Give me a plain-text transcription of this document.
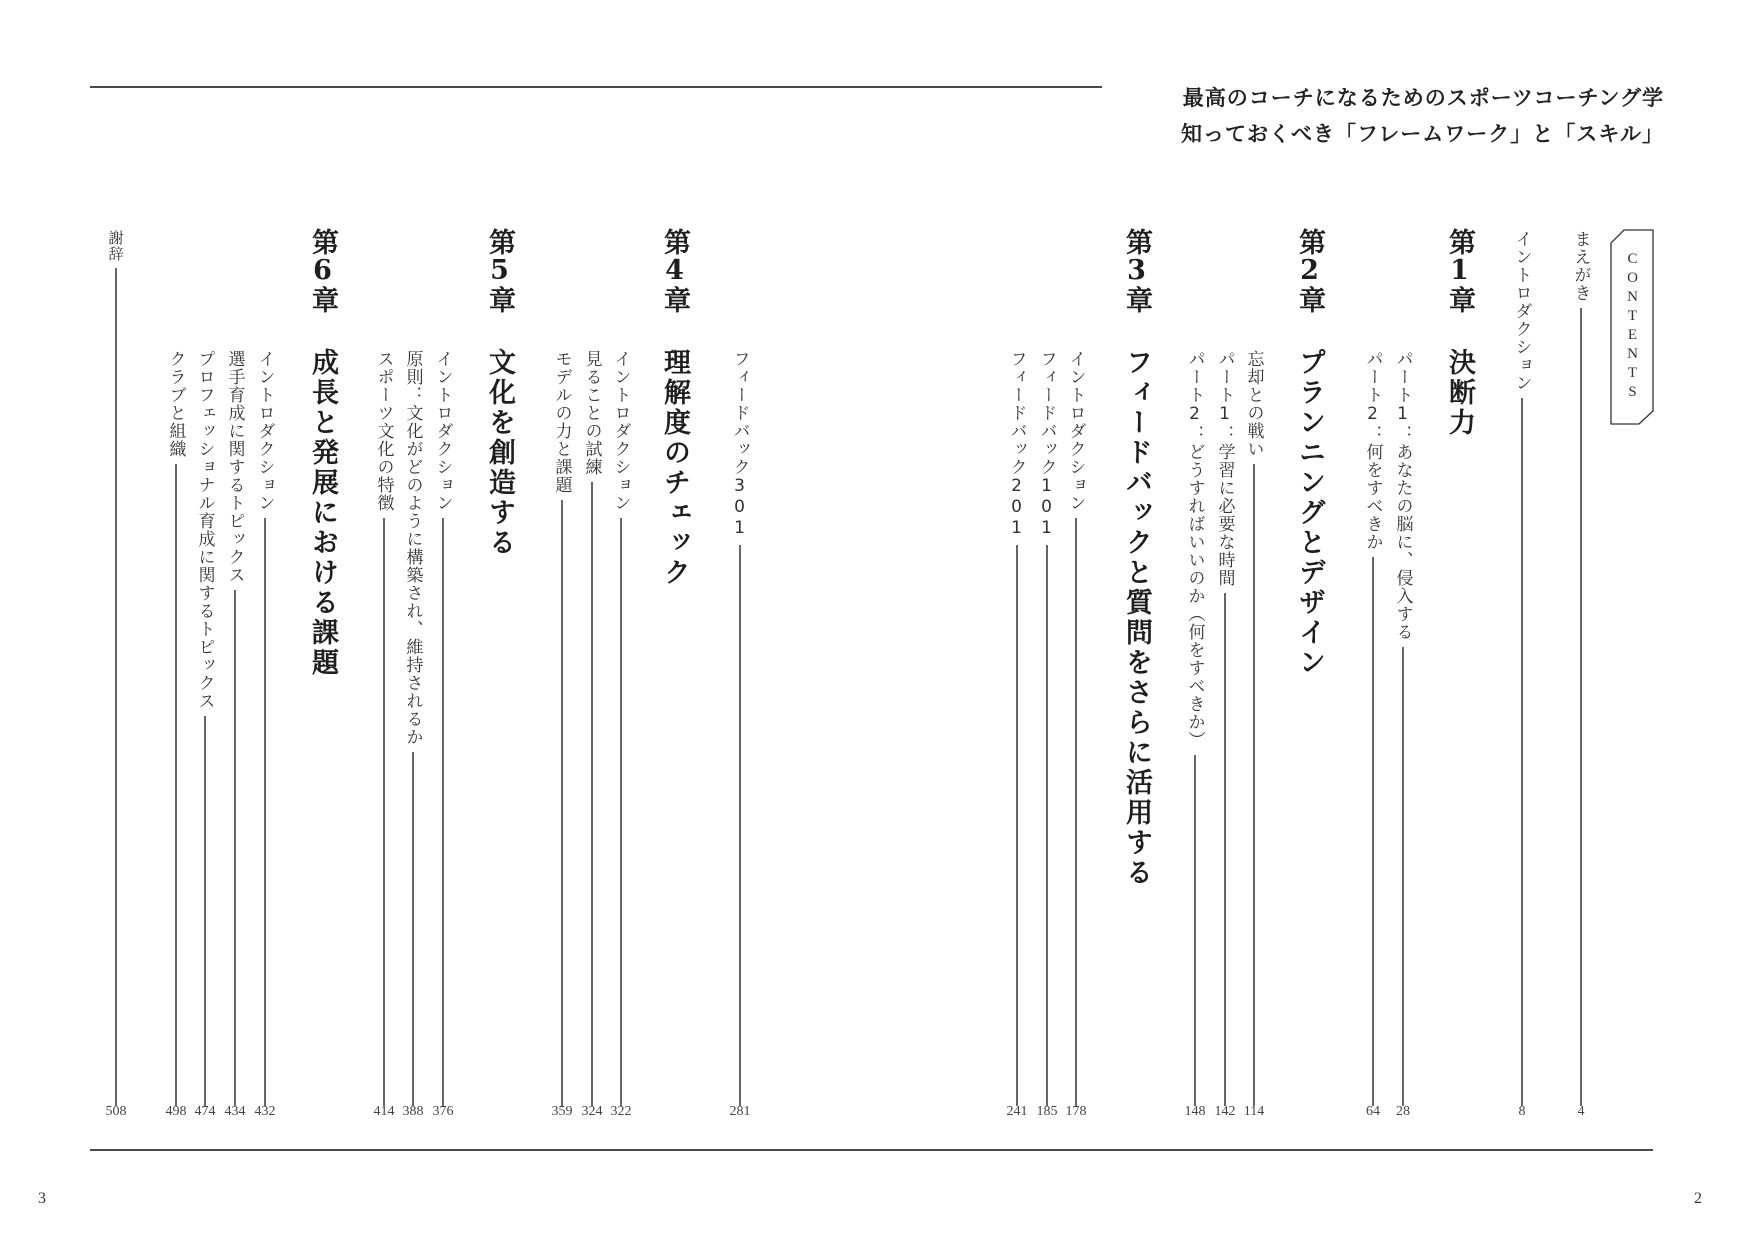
最高のコーチになるためのスポーツコーチング学
知っておくべき「フレームワーク」と「スキル」
CONTENTS
まえがき
4
イントロダクション
8
第1章
決断力
パート1：あなたの脳に、侵入する
28
パート2：何をすべきか
64
第2章
プランニングとデザイン
忘却との戦い
114
パート1：学習に必要な時間
142
パート2：どうすればいいのか（何をすべきか）
148
第3章
フィードバックと質問をさらに活用する
イントロダクション
178
フィードバック101
185
フィードバック201
241
フィードバック301
281
第4章
理解度のチェック
イントロダクション
322
見ることの試練
324
モデルの力と課題
359
第5章
文化を創造する
イントロダクション
376
原則：文化がどのように構築され、維持されるか
388
スポーツ文化の特徴
414
第6章
成長と発展における課題
イントロダクション
432
選手育成に関するトピックス
434
プロフェッショナル育成に関するトピックス
474
クラブと組織
498
謝辞
508
3	2
